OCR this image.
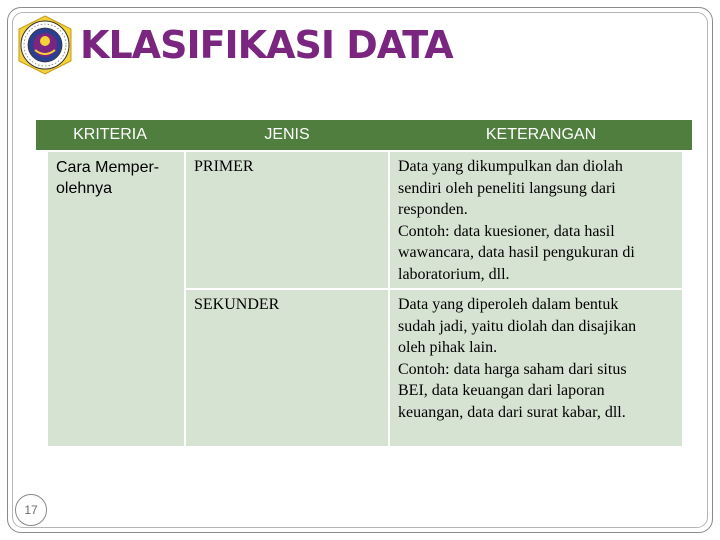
KLASIFIKASI DATA
KRITERIA	JENIS	KETERANGAN
Cara Memper-
olehnya
PRIMER	Data yang dikumpulkan dan diolah
sendiri oleh peneliti langsung dari
responden.
Contoh: data kuesioner, data hasil
wawancara, data hasil pengukuran di
laboratorium, dll.
SEKUNDER	Data yang diperoleh dalam bentuk
sudah jadi, yaitu diolah dan disajikan
oleh pihak lain.
Contoh: data harga saham dari situs
BEI, data keuangan dari laporan
keuangan, data dari surat kabar, dll.
17
